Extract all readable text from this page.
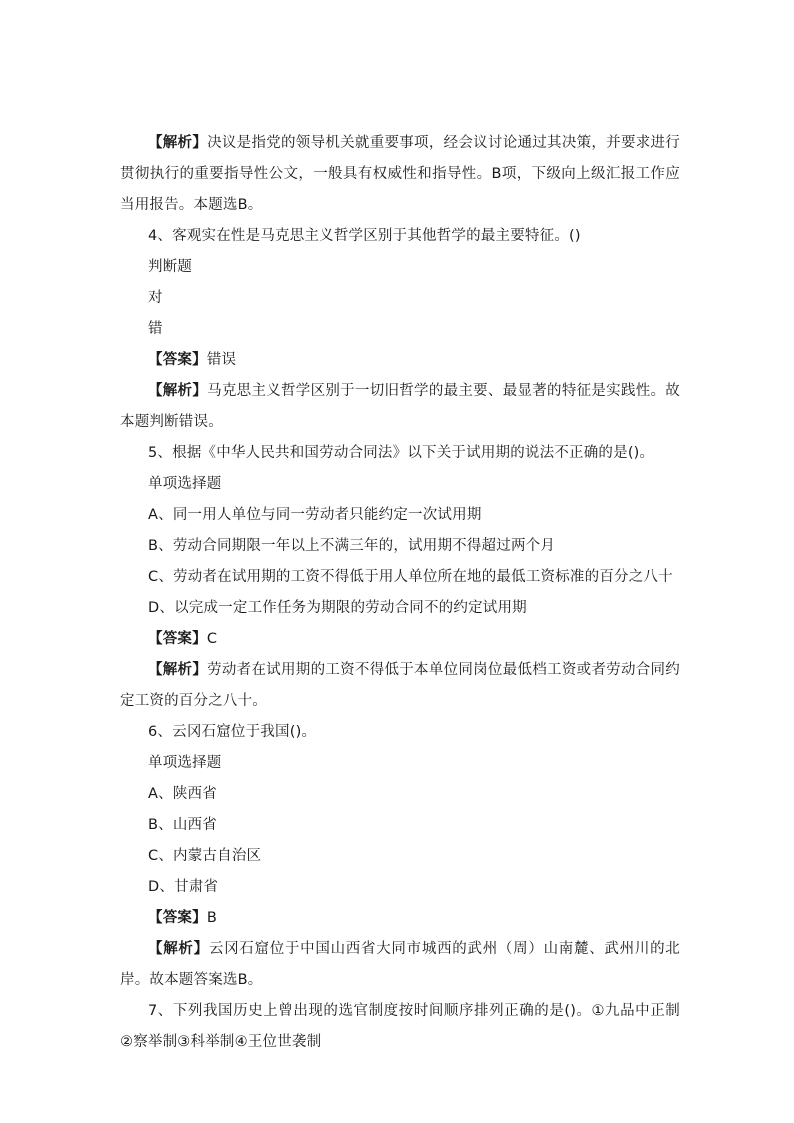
【解析】决议是指党的领导机关就重要事项，经会议讨论通过其决策，并要求进行贯彻执行的重要指导性公文，一般具有权威性和指导性。B项，下级向上级汇报工作应当用报告。本题选B。

4、客观实在性是马克思主义哲学区别于其他哲学的最主要特征。()
判断题
对
错
【答案】错误

【解析】马克思主义哲学区别于一切旧哲学的最主要、最显著的特征是实践性。故本题判断错误。

5、根据《中华人民共和国劳动合同法》以下关于试用期的说法不正确的是()。
单项选择题
A、同一用人单位与同一劳动者只能约定一次试用期
B、劳动合同期限一年以上不满三年的，试用期不得超过两个月
C、劳动者在试用期的工资不得低于用人单位所在地的最低工资标准的百分之八十
D、以完成一定工作任务为期限的劳动合同不的约定试用期
【答案】C

【解析】劳动者在试用期的工资不得低于本单位同岗位最低档工资或者劳动合同约定工资的百分之八十。

6、云冈石窟位于我国()。
单项选择题
A、陕西省
B、山西省
C、内蒙古自治区
D、甘肃省
【答案】B

【解析】云冈石窟位于中国山西省大同市城西的武州（周）山南麓、武州川的北岸。故本题答案选B。

7、下列我国历史上曾出现的选官制度按时间顺序排列正确的是()。①九品中正制②察举制③科举制④王位世袭制
